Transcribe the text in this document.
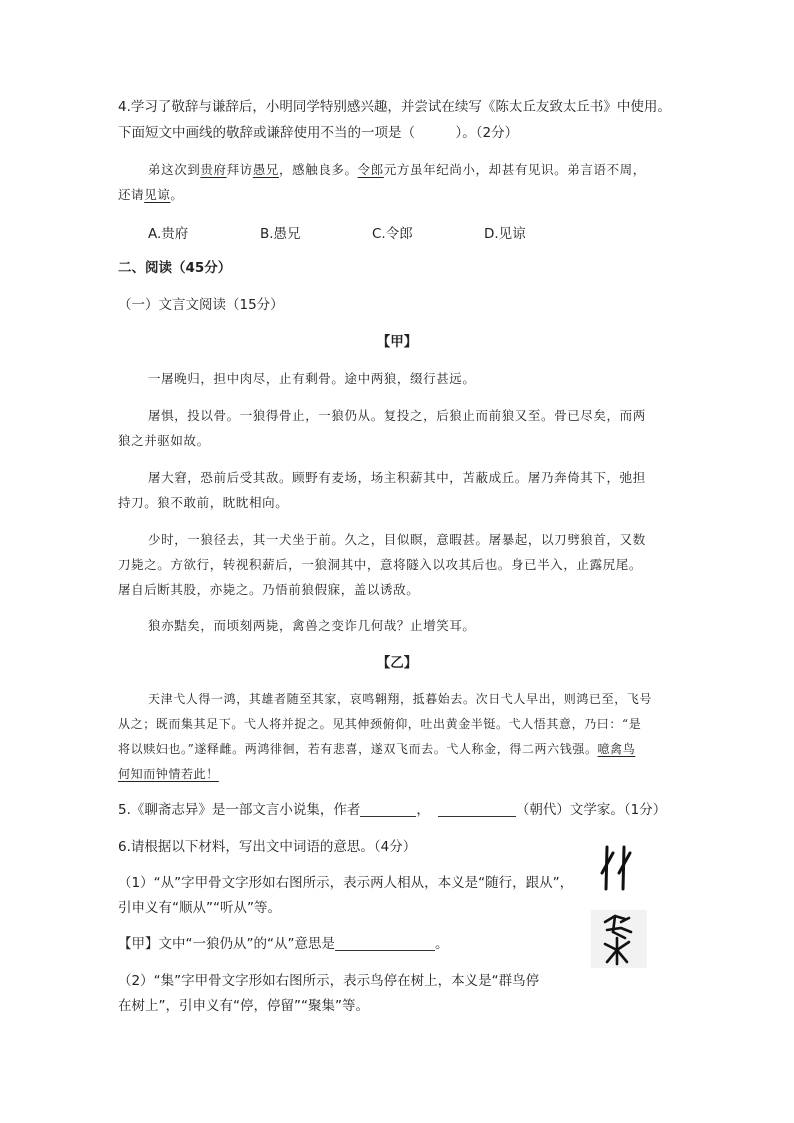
4.学习了敬辞与谦辞后，小明同学特别感兴趣，并尝试在续写《陈太丘友致太丘书》中使用。
下面短文中画线的敬辞或谦辞使用不当的一项是（　　　）。（2分）
弟这次到贵府拜访愚兄，感触良多。令郎元方虽年纪尚小，却甚有见识。弟言语不周，
还请见谅。
A.贵府	B.愚兄	C.令郎	D.见谅
二、阅读（45分）
（一）文言文阅读（15分）
【甲】
一屠晚归，担中肉尽，止有剩骨。途中两狼，缀行甚远。
屠惧，投以骨。一狼得骨止，一狼仍从。复投之，后狼止而前狼又至。骨已尽矣，而两
狼之并驱如故。
屠大窘，恐前后受其敌。顾野有麦场，场主积薪其中，苫蔽成丘。屠乃奔倚其下，弛担
持刀。狼不敢前，眈眈相向。
少时，一狼径去，其一犬坐于前。久之，目似瞑，意暇甚。屠暴起，以刀劈狼首，又数
刀毙之。方欲行，转视积薪后，一狼洞其中，意将隧入以攻其后也。身已半入，止露尻尾。
屠自后断其股，亦毙之。乃悟前狼假寐，盖以诱敌。
狼亦黠矣，而顷刻两毙，禽兽之变诈几何哉？止增笑耳。
【乙】
天津弋人得一鸿，其雄者随至其家，哀鸣翱翔，抵暮始去。次日弋人早出，则鸿已至，飞号
从之；既而集其足下。弋人将并捉之。见其伸颈俯仰，吐出黄金半铤。弋人悟其意，乃曰：“是
将以赎妇也。”遂释雌。两鸿徘徊，若有悲喜，遂双飞而去。弋人称金，得二两六钱强。噫禽鸟
何知而钟情若此！
5.《聊斋志异》是一部文言小说集，作者	，	（朝代）文学家。（1分）
6.请根据以下材料，写出文中词语的意思。（4分）
（1）“从”字甲骨文字形如右图所示，表示两人相从，本义是“随行，跟从”，
引申义有“顺从”“听从”等。
【甲】文中“一狼仍从”的“从”意思是	。
（2）“集”字甲骨文字形如右图所示，表示鸟停在树上，本义是“群鸟停
在树上”，引申义有“停，停留”“聚集”等。
